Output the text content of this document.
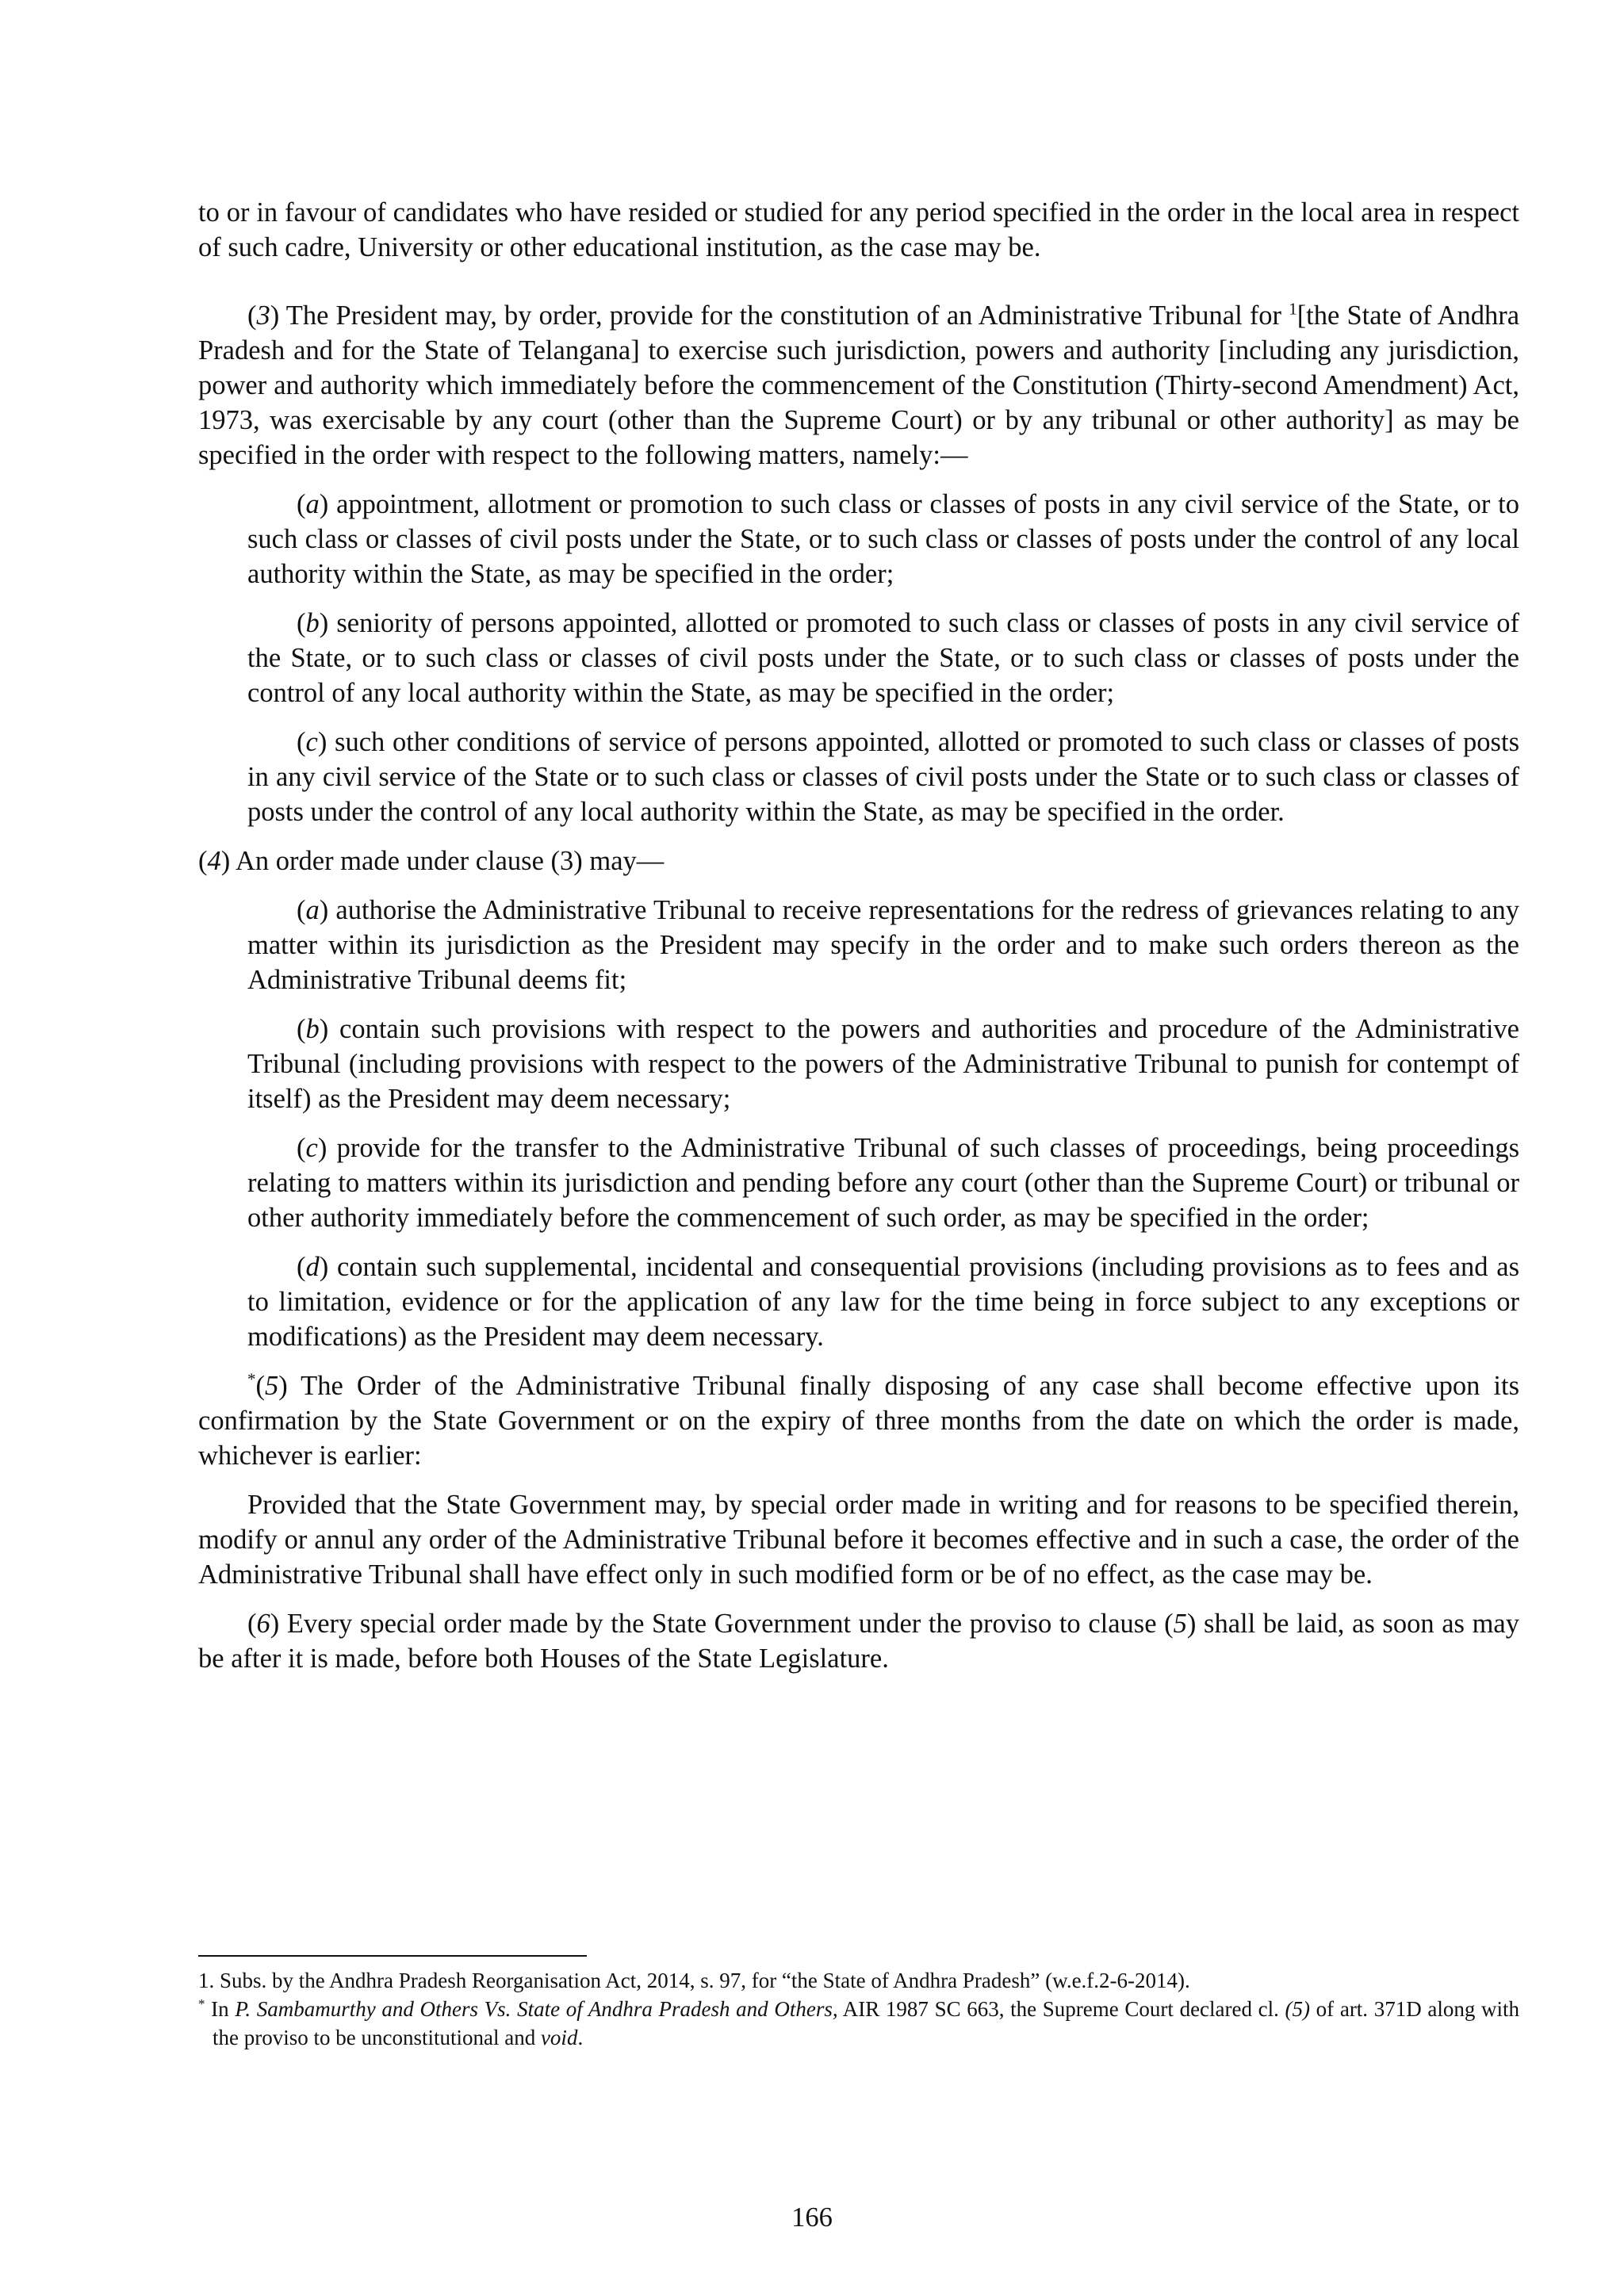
to or in favour of candidates who have resided or studied for any period specified in the order in the local area in respect of such cadre, University or other educational institution, as the case may be.

(3) The President may, by order, provide for the constitution of an Administrative Tribunal for $^1$[the State of Andhra Pradesh and for the State of Telangana] to exercise such jurisdiction, powers and authority [including any jurisdiction, power and authority which immediately before the commencement of the Constitution (Thirty-second Amendment) Act, 1973, was exercisable by any court (other than the Supreme Court) or by any tribunal or other authority] as may be specified in the order with respect to the following matters, namely:—

(a) appointment, allotment or promotion to such class or classes of posts in any civil service of the State, or to such class or classes of civil posts under the State, or to such class or classes of posts under the control of any local authority within the State, as may be specified in the order;

(b) seniority of persons appointed, allotted or promoted to such class or classes of posts in any civil service of the State, or to such class or classes of civil posts under the State, or to such class or classes of posts under the control of any local authority within the State, as may be specified in the order;

(c) such other conditions of service of persons appointed, allotted or promoted to such class or classes of posts in any civil service of the State or to such class or classes of civil posts under the State or to such class or classes of posts under the control of any local authority within the State, as may be specified in the order.

(4) An order made under clause (3) may—

(a) authorise the Administrative Tribunal to receive representations for the redress of grievances relating to any matter within its jurisdiction as the President may specify in the order and to make such orders thereon as the Administrative Tribunal deems fit;

(b) contain such provisions with respect to the powers and authorities and procedure of the Administrative Tribunal (including provisions with respect to the powers of the Administrative Tribunal to punish for contempt of itself) as the President may deem necessary;

(c) provide for the transfer to the Administrative Tribunal of such classes of proceedings, being proceedings relating to matters within its jurisdiction and pending before any court (other than the Supreme Court) or tribunal or other authority immediately before the commencement of such order, as may be specified in the order;

(d) contain such supplemental, incidental and consequential provisions (including provisions as to fees and as to limitation, evidence or for the application of any law for the time being in force subject to any exceptions or modifications) as the President may deem necessary.

*(5) The Order of the Administrative Tribunal finally disposing of any case shall become effective upon its confirmation by the State Government or on the expiry of three months from the date on which the order is made, whichever is earlier:

Provided that the State Government may, by special order made in writing and for reasons to be specified therein, modify or annul any order of the Administrative Tribunal before it becomes effective and in such a case, the order of the Administrative Tribunal shall have effect only in such modified form or be of no effect, as the case may be.

(6) Every special order made by the State Government under the proviso to clause (5) shall be laid, as soon as may be after it is made, before both Houses of the State Legislature.

1. Subs. by the Andhra Pradesh Reorganisation Act, 2014, s. 97, for “the State of Andhra Pradesh” (w.e.f.2-6-2014).

* In P. Sambamurthy and Others Vs. State of Andhra Pradesh and Others, AIR 1987 SC 663, the Supreme Court declared cl. (5) of art. 371D along with the proviso to be unconstitutional and void.

166
